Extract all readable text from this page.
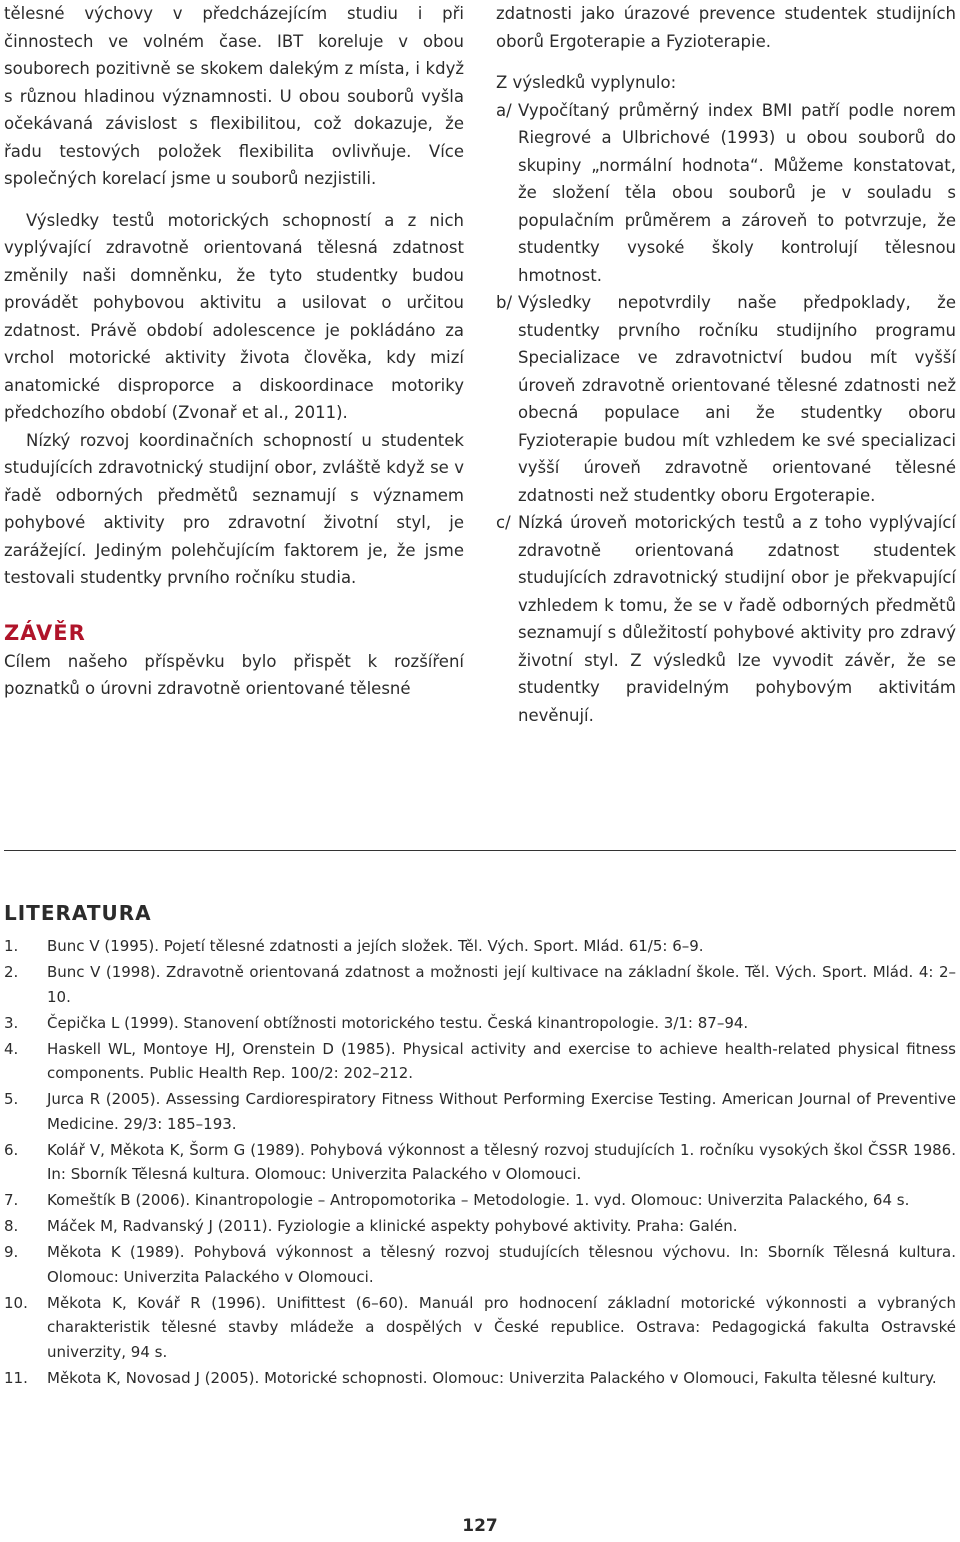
tělesné výchovy v předcházejícím studiu i při činnostech ve volném čase. IBT koreluje v obou souborech pozitivně se skokem dalekým z místa, i když s různou hladinou významnosti. U obou souborů vyšla očekávaná závislost s flexibilitou, což dokazuje, že řadu testových položek flexibilita ovlivňuje. Více společných korelací jsme u souborů nezjistili.

Výsledky testů motorických schopností a z nich vyplývající zdravotně orientovaná tělesná zdatnost změnily naši domněnku, že tyto studentky budou provádět pohybovou aktivitu a usilovat o určitou zdatnost. Právě období adolescence je pokládáno za vrchol motorické aktivity života člověka, kdy mizí anatomické disproporce a diskoordinace motoriky předchozího období (Zvonař et al., 2011).

Nízký rozvoj koordinačních schopností u studentek studujících zdravotnický studijní obor, zvláště když se v řadě odborných předmětů seznamují s významem pohybové aktivity pro zdravotní životní styl, je zarážející. Jediným polehčujícím faktorem je, že jsme testovali studentky prvního ročníku studia.

ZÁVĚR

Cílem našeho příspěvku bylo přispět k rozšíření poznatků o úrovni zdravotně orientované tělesné

zdatnosti jako úrazové prevence studentek studijních oborů Ergoterapie a Fyzioterapie.

Z výsledků vyplynulo:

a/ Vypočítaný průměrný index BMI patří podle norem Riegrové a Ulbrichové (1993) u obou souborů do skupiny „normální hodnota“. Můžeme konstatovat, že složení těla obou souborů je v souladu s populačním průměrem a zároveň to potvrzuje, že studentky vysoké školy kontrolují tělesnou hmotnost.
b/ Výsledky nepotvrdily naše předpoklady, že studentky prvního ročníku studijního programu Specializace ve zdravotnictví budou mít vyšší úroveň zdravotně orientované tělesné zdatnosti než obecná populace ani že studentky oboru Fyzioterapie budou mít vzhledem ke své specializaci vyšší úroveň zdravotně orientované tělesné zdatnosti než studentky oboru Ergoterapie.
c/ Nízká úroveň motorických testů a z toho vyplývající zdravotně orientovaná zdatnost studentek studujících zdravotnický studijní obor je překvapující vzhledem k tomu, že se v řadě odborných předmětů seznamují s důležitostí pohybové aktivity pro zdravý životní styl. Z výsledků lze vyvodit závěr, že se studentky pravidelným pohybovým aktivitám nevěnují.
LITERATURA
1.	Bunc V (1995). Pojetí tělesné zdatnosti a jejích složek. Těl. Vých. Sport. Mlád. 61/5: 6–9.
2.	Bunc V (1998). Zdravotně orientovaná zdatnost a možnosti její kultivace na základní škole. Těl. Vých. Sport. Mlád. 4: 2–10.
3.	Čepička L (1999). Stanovení obtížnosti motorického testu. Česká kinantropologie. 3/1: 87–94.
4.	Haskell WL, Montoye HJ, Orenstein D (1985). Physical activity and exercise to achieve health-related physical fitness components. Public Health Rep. 100/2: 202–212.
5.	Jurca R (2005). Assessing Cardiorespiratory Fitness Without Performing Exercise Testing. American Journal of Preventive Medicine. 29/3: 185–193.
6.	Kolář V, Měkota K, Šorm G (1989). Pohybová výkonnost a tělesný rozvoj studujících 1. ročníku vysokých škol ČSSR 1986. In: Sborník Tělesná kultura. Olomouc: Univerzita Palackého v Olomouci.
7.	Komeštík B (2006). Kinantropologie – Antropomotorika – Metodologie. 1. vyd. Olomouc: Univerzita Palackého, 64 s.
8.	Máček M, Radvanský J (2011). Fyziologie a klinické aspekty pohybové aktivity. Praha: Galén.
9.	Měkota K (1989). Pohybová výkonnost a tělesný rozvoj studujících tělesnou výchovu. In: Sborník Tělesná kultura. Olomouc: Univerzita Palackého v Olomouci.
10.	Měkota K, Kovář R (1996). Unifittest (6–60). Manuál pro hodnocení základní motorické výkonnosti a vybraných charakteristik tělesné stavby mládeže a dospělých v České republice. Ostrava: Pedagogická fakulta Ostravské univerzity, 94 s.
11.	Měkota K, Novosad J (2005). Motorické schopnosti. Olomouc: Univerzita Palackého v Olomouci, Fakulta tělesné kultury.
127
